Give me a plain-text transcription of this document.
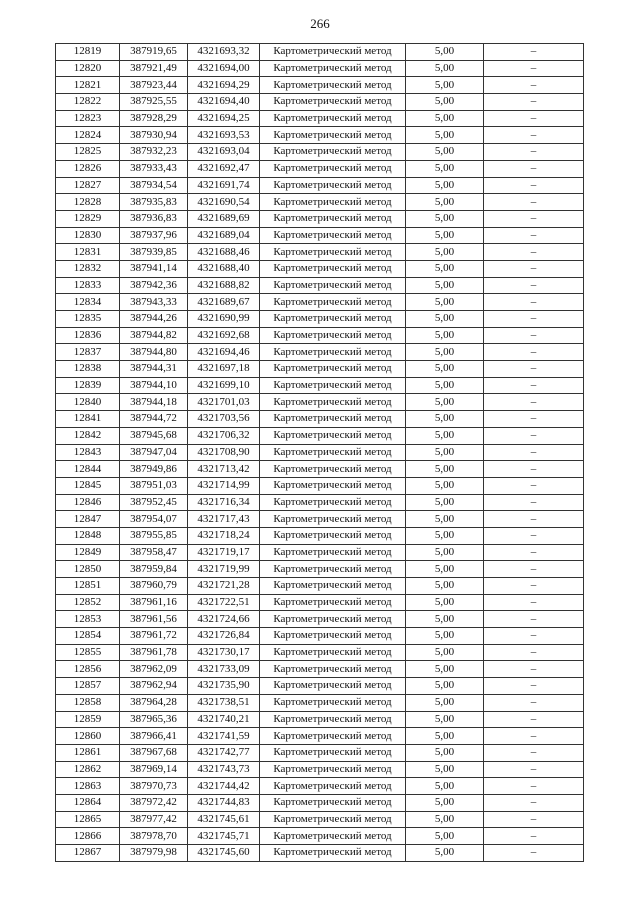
266
12819	387919,65	4321693,32	Картометрический метод	5,00	–
12820	387921,49	4321694,00	Картометрический метод	5,00	–
12821	387923,44	4321694,29	Картометрический метод	5,00	–
12822	387925,55	4321694,40	Картометрический метод	5,00	–
12823	387928,29	4321694,25	Картометрический метод	5,00	–
12824	387930,94	4321693,53	Картометрический метод	5,00	–
12825	387932,23	4321693,04	Картометрический метод	5,00	–
12826	387933,43	4321692,47	Картометрический метод	5,00	–
12827	387934,54	4321691,74	Картометрический метод	5,00	–
12828	387935,83	4321690,54	Картометрический метод	5,00	–
12829	387936,83	4321689,69	Картометрический метод	5,00	–
12830	387937,96	4321689,04	Картометрический метод	5,00	–
12831	387939,85	4321688,46	Картометрический метод	5,00	–
12832	387941,14	4321688,40	Картометрический метод	5,00	–
12833	387942,36	4321688,82	Картометрический метод	5,00	–
12834	387943,33	4321689,67	Картометрический метод	5,00	–
12835	387944,26	4321690,99	Картометрический метод	5,00	–
12836	387944,82	4321692,68	Картометрический метод	5,00	–
12837	387944,80	4321694,46	Картометрический метод	5,00	–
12838	387944,31	4321697,18	Картометрический метод	5,00	–
12839	387944,10	4321699,10	Картометрический метод	5,00	–
12840	387944,18	4321701,03	Картометрический метод	5,00	–
12841	387944,72	4321703,56	Картометрический метод	5,00	–
12842	387945,68	4321706,32	Картометрический метод	5,00	–
12843	387947,04	4321708,90	Картометрический метод	5,00	–
12844	387949,86	4321713,42	Картометрический метод	5,00	–
12845	387951,03	4321714,99	Картометрический метод	5,00	–
12846	387952,45	4321716,34	Картометрический метод	5,00	–
12847	387954,07	4321717,43	Картометрический метод	5,00	–
12848	387955,85	4321718,24	Картометрический метод	5,00	–
12849	387958,47	4321719,17	Картометрический метод	5,00	–
12850	387959,84	4321719,99	Картометрический метод	5,00	–
12851	387960,79	4321721,28	Картометрический метод	5,00	–
12852	387961,16	4321722,51	Картометрический метод	5,00	–
12853	387961,56	4321724,66	Картометрический метод	5,00	–
12854	387961,72	4321726,84	Картометрический метод	5,00	–
12855	387961,78	4321730,17	Картометрический метод	5,00	–
12856	387962,09	4321733,09	Картометрический метод	5,00	–
12857	387962,94	4321735,90	Картометрический метод	5,00	–
12858	387964,28	4321738,51	Картометрический метод	5,00	–
12859	387965,36	4321740,21	Картометрический метод	5,00	–
12860	387966,41	4321741,59	Картометрический метод	5,00	–
12861	387967,68	4321742,77	Картометрический метод	5,00	–
12862	387969,14	4321743,73	Картометрический метод	5,00	–
12863	387970,73	4321744,42	Картометрический метод	5,00	–
12864	387972,42	4321744,83	Картометрический метод	5,00	–
12865	387977,42	4321745,61	Картометрический метод	5,00	–
12866	387978,70	4321745,71	Картометрический метод	5,00	–
12867	387979,98	4321745,60	Картометрический метод	5,00	–
